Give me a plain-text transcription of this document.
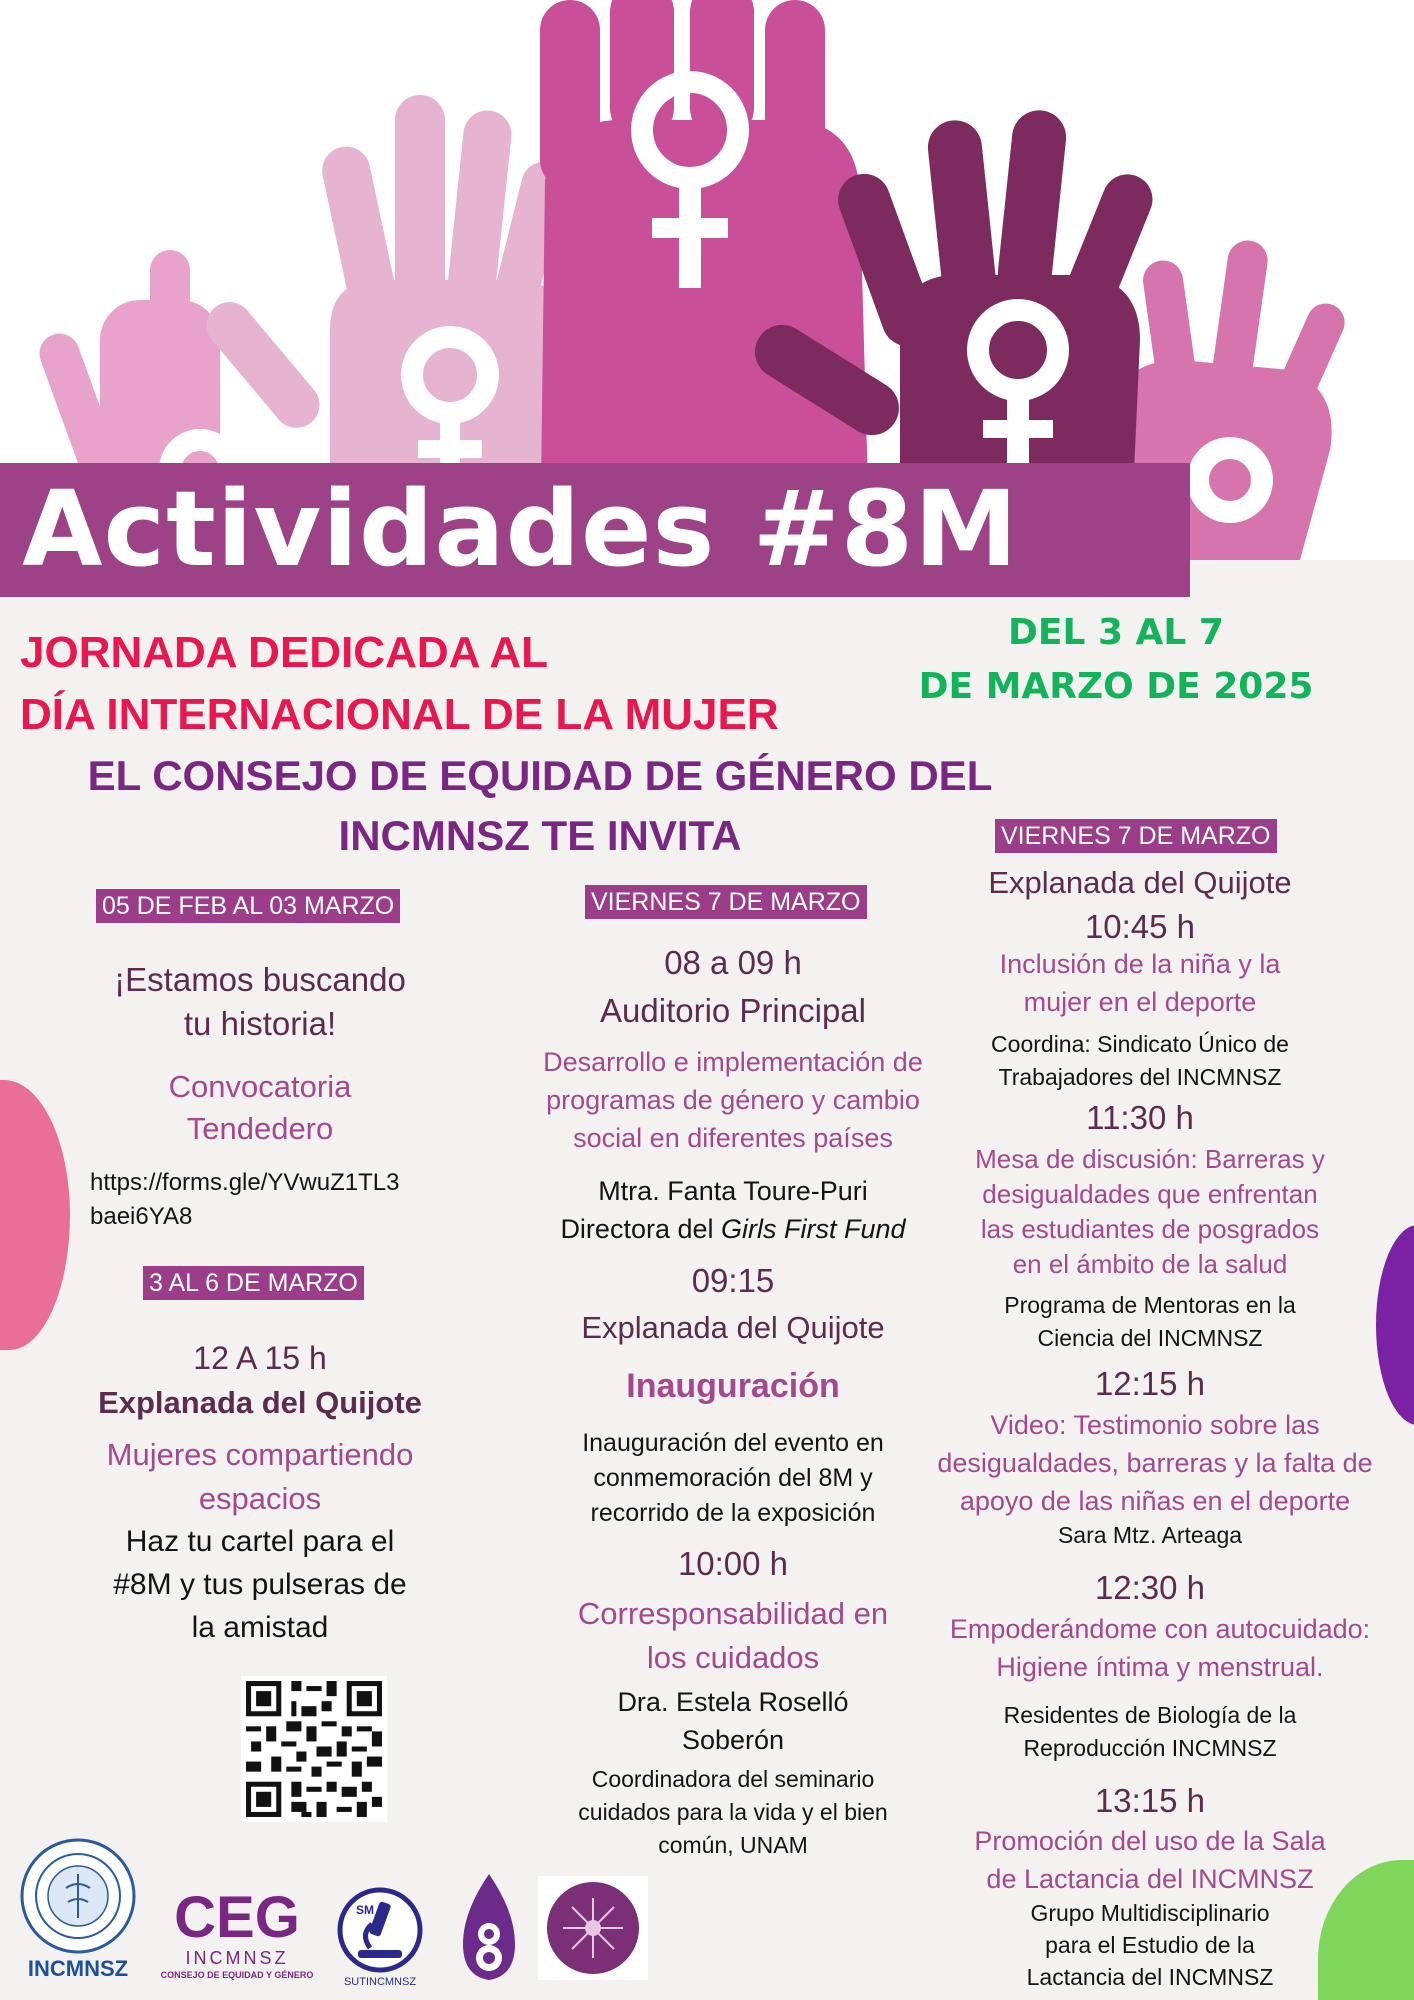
Actividades #8M
JORNADA DEDICADA AL
DÍA INTERNACIONAL DE LA MUJER
DEL 3 AL 7
DE MARZO DE 2025
EL CONSEJO DE EQUIDAD DE GÉNERO DEL
INCMNSZ TE INVITA
05 DE FEB AL 03 MARZO
¡Estamos buscando
tu historia!
Convocatoria
Tendedero
https://forms.gle/YVwuZ1TL3
baei6YA8
3 AL 6 DE MARZO
12 A 15 h
Explanada del Quijote
Mujeres compartiendo
espacios
Haz tu cartel para el
#8M y tus pulseras de
la amistad
VIERNES 7 DE MARZO
08 a 09 h
Auditorio Principal
Desarrollo e implementación de
programas de género y cambio
social en diferentes países
Mtra. Fanta Toure-Puri
Directora del Girls First Fund
09:15
Explanada del Quijote
Inauguración
Inauguración del evento en
conmemoración del 8M y
recorrido de la exposición
10:00 h
Corresponsabilidad en
los cuidados
Dra. Estela Roselló
Soberón
Coordinadora del seminario
cuidados para la vida y el bien
común, UNAM
VIERNES 7 DE MARZO
Explanada del Quijote
10:45 h
Inclusión de la niña y la
mujer en el deporte
Coordina: Sindicato Único de
Trabajadores del INCMNSZ
11:30 h
Mesa de discusión: Barreras y
desigualdades que enfrentan
las estudiantes de posgrados
en el ámbito de la salud
Programa de Mentoras en la
Ciencia del INCMNSZ
12:15 h
Video: Testimonio sobre las
desigualdades, barreras y la falta de
apoyo de las niñas en el deporte
Sara Mtz. Arteaga
12:30 h
Empoderándome con autocuidado:
Higiene íntima y menstrual.
Residentes de Biología de la
Reproducción INCMNSZ
13:15 h
Promoción del uso de la Sala
de Lactancia del INCMNSZ
Grupo Multidisciplinario
para el Estudio de la
Lactancia del INCMNSZ
INCMNSZ
CEG
INCMNSZ
CONSEJO DE EQUIDAD Y GÉNERO
SM
SUTINCMNSZ
